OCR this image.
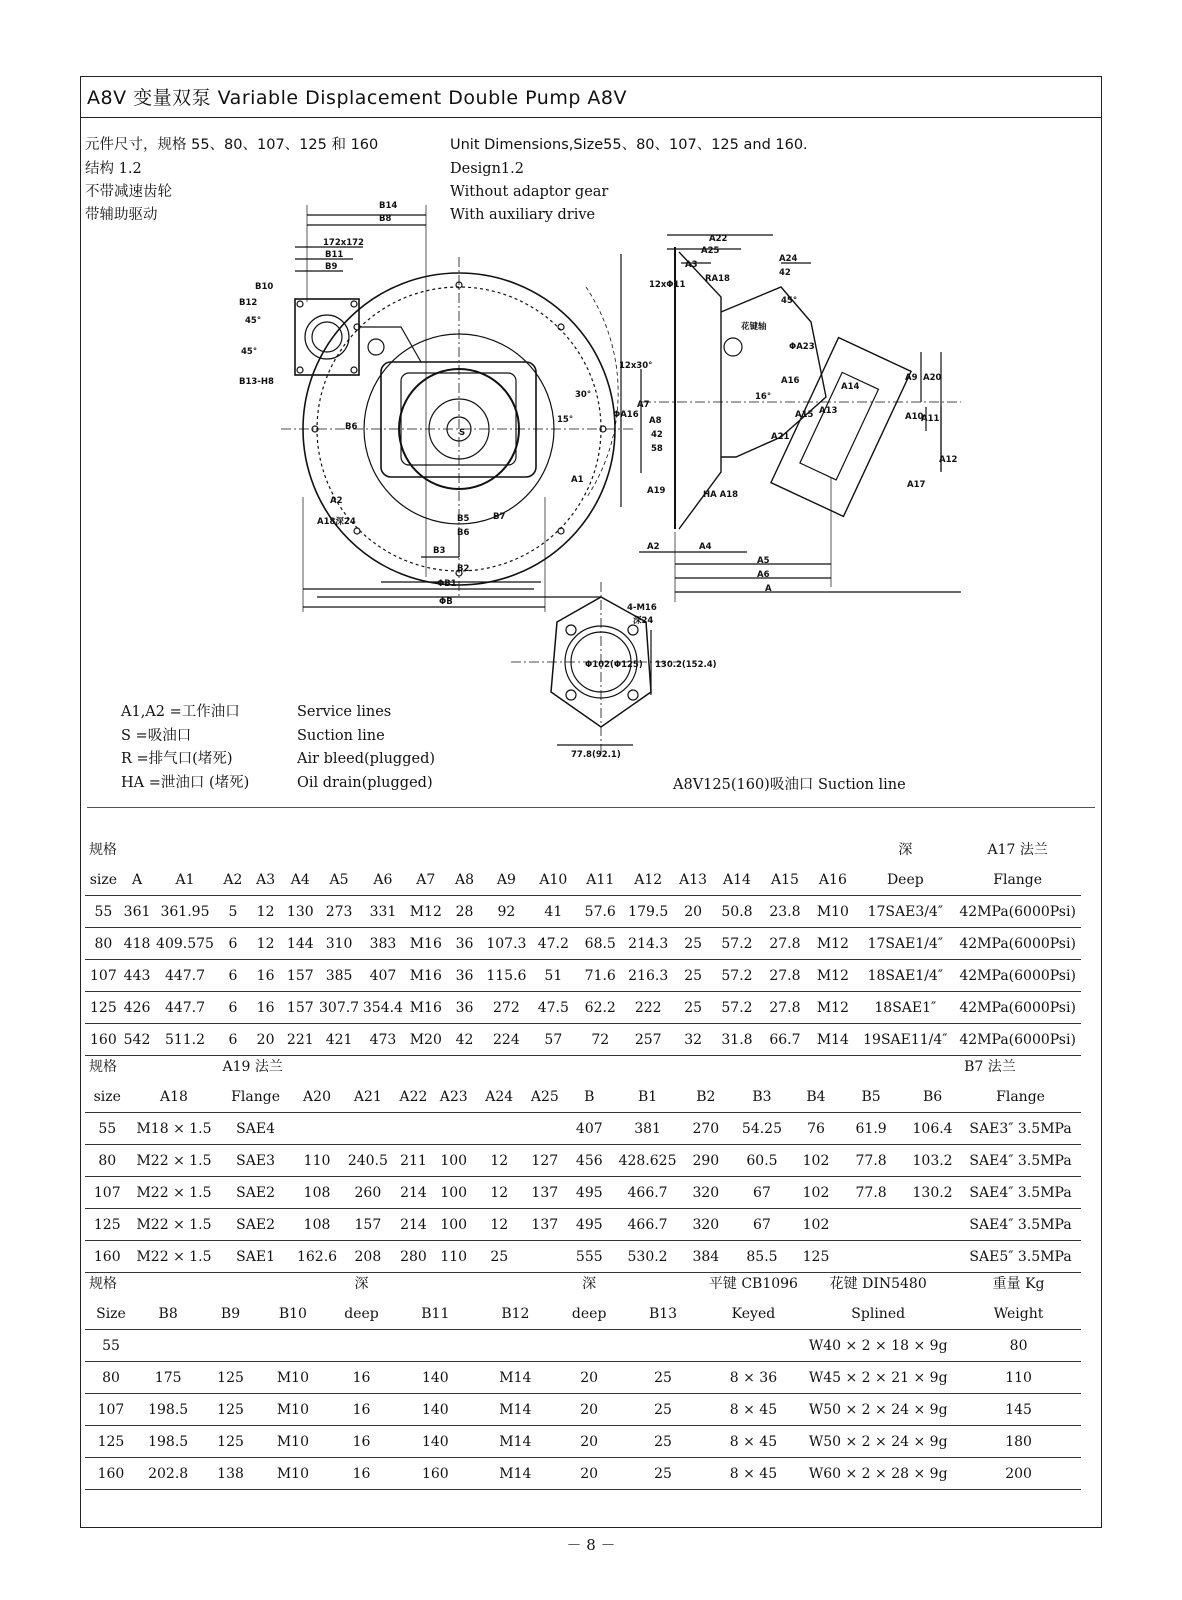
A8V 变量双泵 Variable Displacement Double Pump A8V
元件尺寸，规格 55、80、107、125 和 160
结构 1.2
不带减速齿轮
带辅助驱动
Unit Dimensions,Size55、80、107、125 and 160.
Design1.2
Without adaptor gear
With auxiliary drive
B14
B8
172x172
B11
B9
B10
B12
45°
45°
B13-H8
B6
S
30°
15°
12x30°
A1
A2
A18深24	B5
B6
B7
B3
B2
ΦB1
ΦB
A22
A25
A3
A24
RA18
42
45°
12xΦ11
ΦA16
A7
A8
42
58
A19	HA A18
A16
16°
A14
A13
A21
A9 A20
A10
A11
A12
A17
A15
花键轴
ΦA23
A2	A4
A5
A6
A
4-M16
深24
Φ102(Φ125) 130.2(152.4)
77.8(92.1)
A1,A2 =工作油口
S =吸油口
R =排气口(堵死)
HA =泄油口 (堵死)
Service lines
Suction line
Air bleed(plugged)
Oil drain(plugged)	A8V125(160)吸油口 Suction line
规格																		深	A17 法兰
size	A	A1	A2	A3	A4	A5	A6	A7	A8	A9	A10	A11	A12	A13	A14	A15	A16	Deep	Flange
55	361	361.95	5	12	130	273	331	M12	28	92	41	57.6	179.5	20	50.8	23.8	M10	17SAE3/4″	42MPa(6000Psi)
80	418	409.575	6	12	144	310	383	M16	36	107.3	47.2	68.5	214.3	25	57.2	27.8	M12	17SAE1/4″	42MPa(6000Psi)
107	443	447.7	6	16	157	385	407	M16	36	115.6	51	71.6	216.3	25	57.2	27.8	M12	18SAE1/4″	42MPa(6000Psi)
125	426	447.7	6	16	157	307.7	354.4	M16	36	272	47.5	62.2	222	25	57.2	27.8	M12	18SAE1″	42MPa(6000Psi)
160	542	511.2	6	20	221	421	473	M20	42	224	57	72	257	32	31.8	66.7	M14	19SAE11/4″	42MPa(6000Psi)
规格		A19 法兰														B7 法兰
size	A18	Flange	A20	A21	A22	A23	A24	A25	B	B1	B2	B3	B4	B5	B6	Flange
55	M18 × 1.5	SAE4							407	381	270	54.25	76	61.9	106.4	SAE3″ 3.5MPa
80	M22 × 1.5	SAE3	110	240.5	211	100	12	127	456	428.625	290	60.5	102	77.8	103.2	SAE4″ 3.5MPa
107	M22 × 1.5	SAE2	108	260	214	100	12	137	495	466.7	320	67	102	77.8	130.2	SAE4″ 3.5MPa
125	M22 × 1.5	SAE2	108	157	214	100	12	137	495	466.7	320	67	102			SAE4″ 3.5MPa
160	M22 × 1.5	SAE1	162.6	208	280	110	25		555	530.2	384	85.5	125			SAE5″ 3.5MPa
规格				深			深		平键 CB1096	花键 DIN5480	重量 Kg
Size	B8	B9	B10	deep	B11	B12	deep	B13	Keyed	Splined	Weight
55										W40 × 2 × 18 × 9g	80
80	175	125	M10	16	140	M14	20	25	8 × 36	W45 × 2 × 21 × 9g	110
107	198.5	125	M10	16	140	M14	20	25	8 × 45	W50 × 2 × 24 × 9g	145
125	198.5	125	M10	16	140	M14	20	25	8 × 45	W50 × 2 × 24 × 9g	180
160	202.8	138	M10	16	160	M14	20	25	8 × 45	W60 × 2 × 28 × 9g	200
－ 8 －
